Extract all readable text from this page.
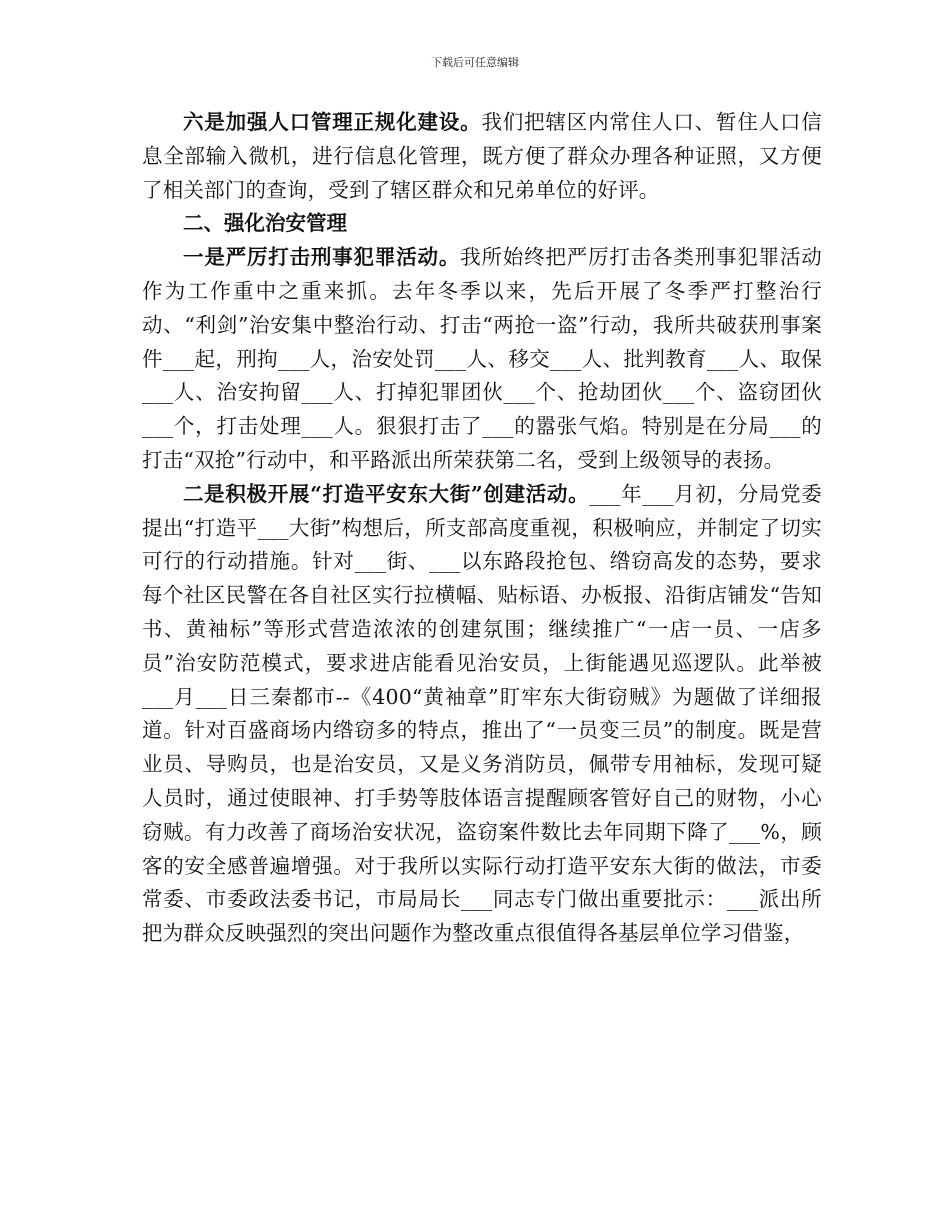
下载后可任意编辑

六是加强人口管理正规化建设。我们把辖区内常住人口、暂住人口信息全部输入微机，进行信息化管理，既方便了群众办理各种证照，又方便了相关部门的查询，受到了辖区群众和兄弟单位的好评。

二、强化治安管理

一是严厉打击刑事犯罪活动。我所始终把严厉打击各类刑事犯罪活动作为工作重中之重来抓。去年冬季以来，先后开展了冬季严打整治行动、“利剑”治安集中整治行动、打击“两抢一盗”行动，我所共破获刑事案件___起，刑拘___人，治安处罚___人、移交___人、批判教育___人、取保___人、治安拘留___人、打掉犯罪团伙___个、抢劫团伙___个、盗窃团伙___个，打击处理___人。狠狠打击了___的嚣张气焰。特别是在分局___的打击“双抢”行动中，和平路派出所荣获第二名，受到上级领导的表扬。

二是积极开展“打造平安东大街”创建活动。___年___月初，分局党委提出“打造平___大街”构想后，所支部高度重视，积极响应，并制定了切实可行的行动措施。针对___街、___以东路段抢包、绺窃高发的态势，要求每个社区民警在各自社区实行拉横幅、贴标语、办板报、沿街店铺发“告知书、黄袖标”等形式营造浓浓的创建氛围；继续推广“一店一员、一店多员”治安防范模式，要求进店能看见治安员，上街能遇见巡逻队。此举被___月___日三秦都市--《400“黄袖章”盯牢东大街窃贼》为题做了详细报道。针对百盛商场内绺窃多的特点，推出了“一员变三员”的制度。既是营业员、导购员，也是治安员，又是义务消防员，佩带专用袖标，发现可疑人员时，通过使眼神、打手势等肢体语言提醒顾客管好自己的财物，小心窃贼。有力改善了商场治安状况，盗窃案件数比去年同期下降了___%，顾客的安全感普遍增强。对于我所以实际行动打造平安东大街的做法，市委常委、市委政法委书记，市局局长___同志专门做出重要批示：___派出所把为群众反映强烈的突出问题作为整改重点很值得各基层单位学习借鉴，
